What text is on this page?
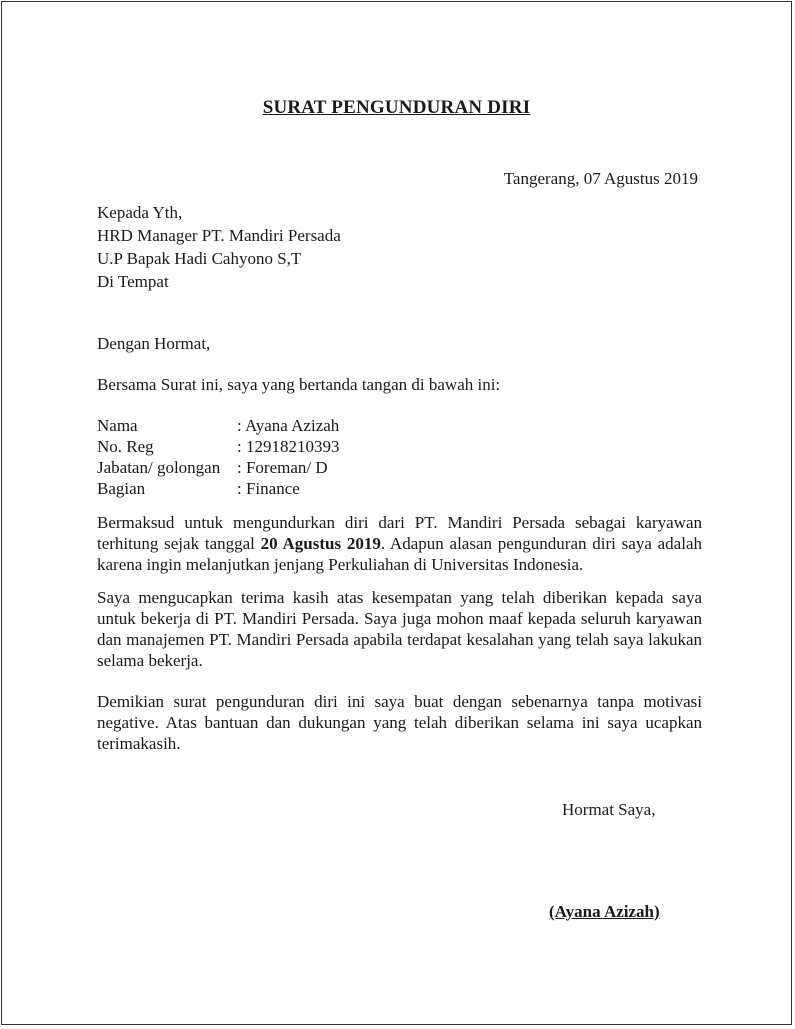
SURAT PENGUNDURAN DIRI
Tangerang, 07 Agustus 2019
Kepada Yth,
HRD Manager PT. Mandiri Persada
U.P Bapak Hadi Cahyono S,T
Di Tempat
Dengan Hormat,
Bersama Surat ini, saya yang bertanda tangan di bawah ini:
Nama	: Ayana Azizah
No. Reg	: 12918210393
Jabatan/ golongan : Foreman/ D
Bagian	: Finance
Bermaksud untuk mengundurkan diri dari PT. Mandiri Persada sebagai karyawan terhitung sejak tanggal 20 Agustus 2019. Adapun alasan pengunduran diri saya adalah karena ingin melanjutkan jenjang Perkuliahan di Universitas Indonesia.
Saya mengucapkan terima kasih atas kesempatan yang telah diberikan kepada saya untuk bekerja di PT. Mandiri Persada. Saya juga mohon maaf kepada seluruh karyawan dan manajemen PT. Mandiri Persada apabila terdapat kesalahan yang telah saya lakukan selama bekerja.
Demikian surat pengunduran diri ini saya buat dengan sebenarnya tanpa motivasi negative. Atas bantuan dan dukungan yang telah diberikan selama ini saya ucapkan terimakasih.
Hormat Saya,
(Ayana Azizah)
